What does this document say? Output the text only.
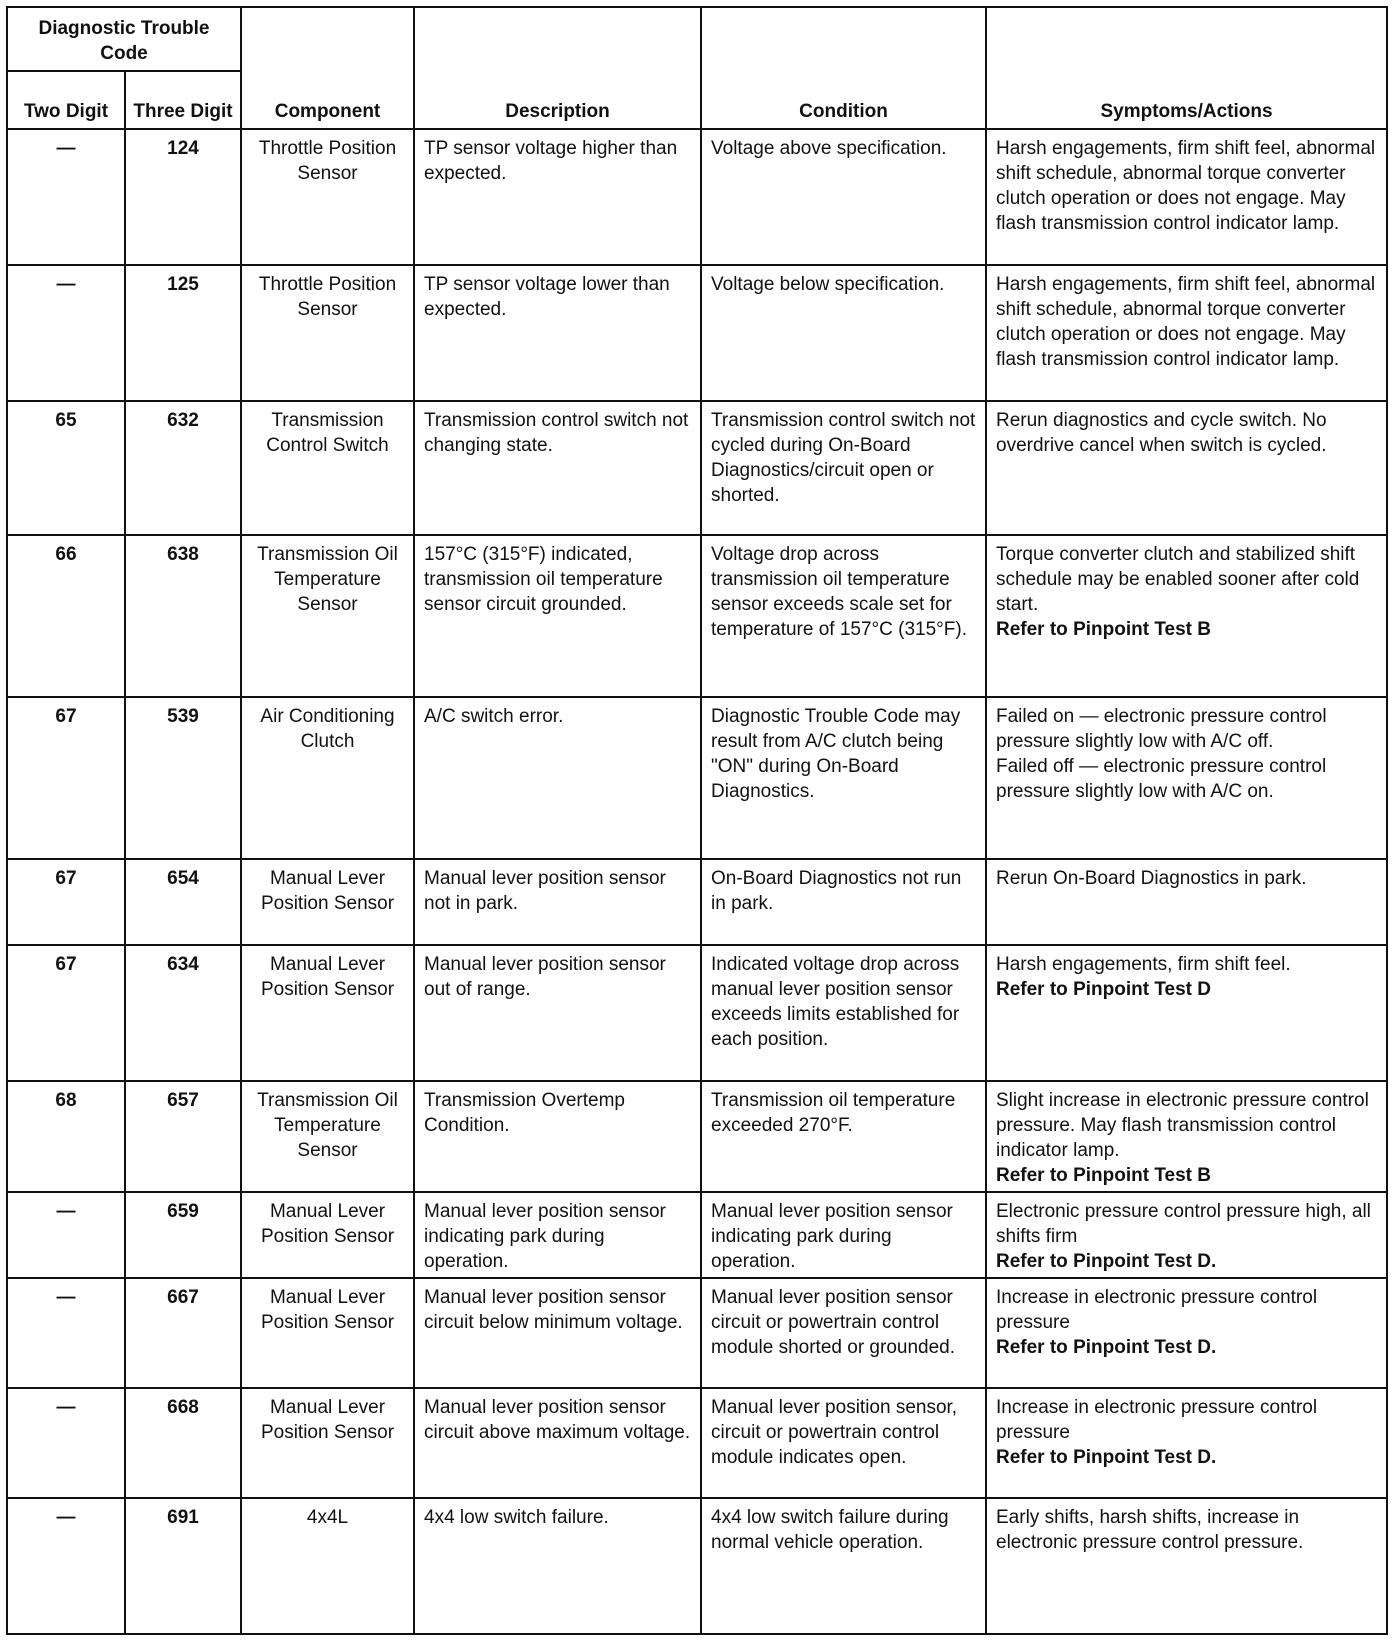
Diagnostic Trouble Code		Component	Description	Condition	Symptoms/Actions
Two Digit	Three Digit				
—	124	Throttle Position Sensor	TP sensor voltage higher than expected.	Voltage above specification.	Harsh engagements, firm shift feel, abnormal shift schedule, abnormal torque converter clutch operation or does not engage. May flash transmission control indicator lamp.

—	125	Throttle Position Sensor	TP sensor voltage lower than expected.	Voltage below specification.	Harsh engagements, firm shift feel, abnormal shift schedule, abnormal torque converter clutch operation or does not engage. May flash transmission control indicator lamp.

65	632	Transmission Control Switch	Transmission control switch not changing state.	Transmission control switch not cycled during On-Board Diagnostics/circuit open or shorted.	Rerun diagnostics and cycle switch. No overdrive cancel when switch is cycled.

66	638	Transmission Oil Temperature Sensor	157°C (315°F) indicated, transmission oil temperature sensor circuit grounded.	Voltage drop across transmission oil temperature sensor exceeds scale set for temperature of 157°C (315°F).	Torque converter clutch and stabilized shift schedule may be enabled sooner after cold start.
Refer to Pinpoint Test B

67	539	Air Conditioning Clutch	A/C switch error.	Diagnostic Trouble Code may result from A/C clutch being "ON" during On-Board Diagnostics.	Failed on — electronic pressure control pressure slightly low with A/C off.
Failed off — electronic pressure control pressure slightly low with A/C on.

67	654	Manual Lever Position Sensor	Manual lever position sensor not in park.	On-Board Diagnostics not run in park.	Rerun On-Board Diagnostics in park.

67	634	Manual Lever Position Sensor	Manual lever position sensor out of range.	Indicated voltage drop across manual lever position sensor exceeds limits established for each position.	Harsh engagements, firm shift feel.
Refer to Pinpoint Test D

68	657	Transmission Oil Temperature Sensor	Transmission Overtemp Condition.	Transmission oil temperature exceeded 270°F.	Slight increase in electronic pressure control pressure. May flash transmission control indicator lamp.
Refer to Pinpoint Test B

—	659	Manual Lever Position Sensor	Manual lever position sensor indicating park during operation.	Manual lever position sensor indicating park during operation.	Electronic pressure control pressure high, all shifts firm
Refer to Pinpoint Test D.

—	667	Manual Lever Position Sensor	Manual lever position sensor circuit below minimum voltage.	Manual lever position sensor circuit or powertrain control module shorted or grounded.	Increase in electronic pressure control pressure
Refer to Pinpoint Test D.

—	668	Manual Lever Position Sensor	Manual lever position sensor circuit above maximum voltage.	Manual lever position sensor, circuit or powertrain control module indicates open.	Increase in electronic pressure control pressure
Refer to Pinpoint Test D.

—	691	4x4L	4x4 low switch failure.	4x4 low switch failure during normal vehicle operation.	Early shifts, harsh shifts, increase in electronic pressure control pressure.
